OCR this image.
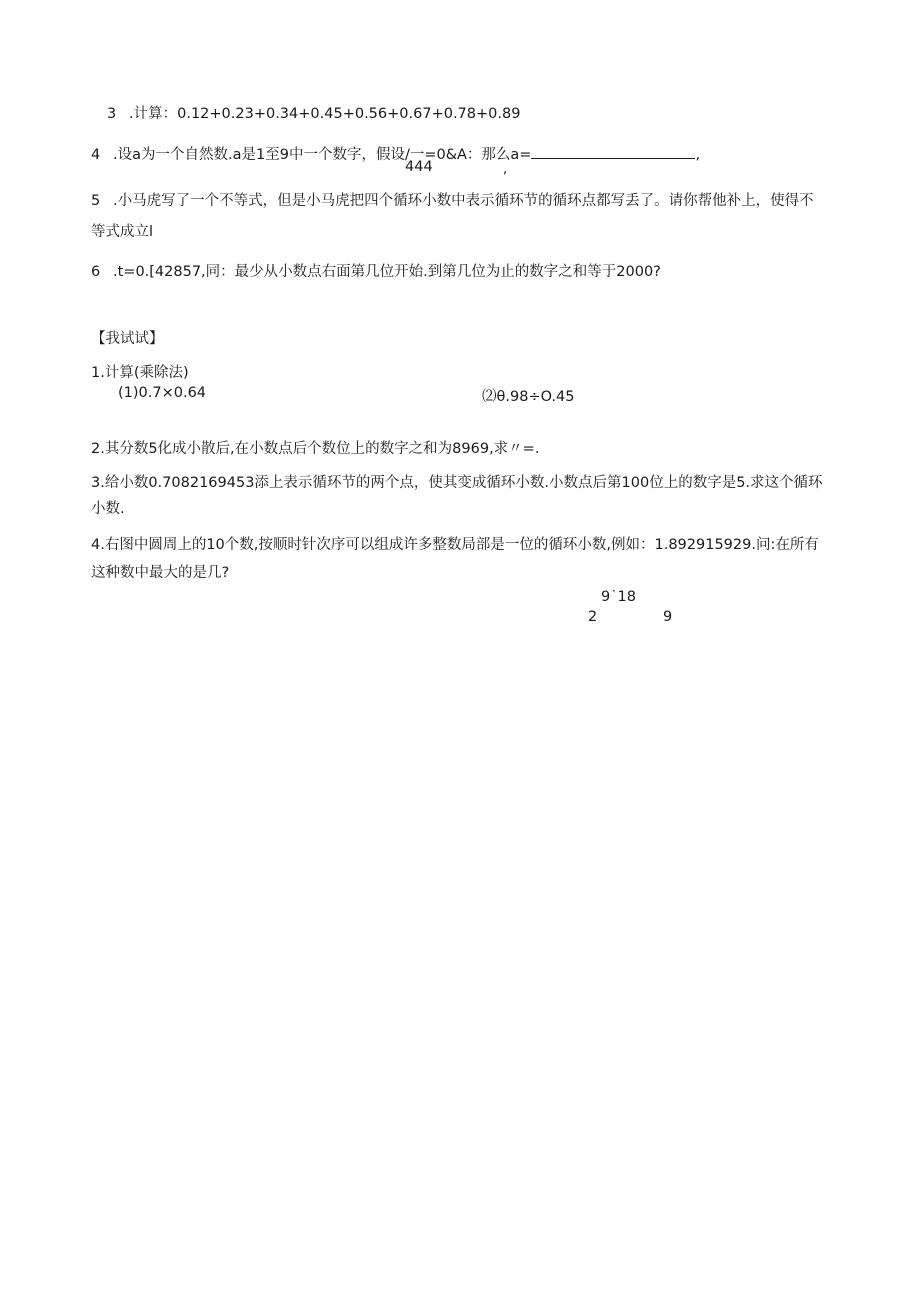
3 .计算：0.12+0.23+0.34+0.45+0.56+0.67+0.78+0.89
4 .设a为一个自然数.a是1至9中一个数字，假设/一=0&A：那么a=	,
444	,
5 .小马虎写了一个不等式，但是小马虎把四个循环小数中表示循环节的循环点都写丢了。请你帮他补上，使得不
等式成立l
6 .t=0.[42857,同：最少从小数点右面第几位开始.到第几位为止的数字之和等于2000?
【我试试】
1.计算(乘除法)
(1)0.7×0.64	⑵θ.98÷O.45
2.其分数5化成小散后,在小数点后个数位上的数字之和为8969,求〃=.
3.给小数0.7082169453添上表示循环节的两个点，使其变成循环小数.小数点后第100位上的数字是5.求这个循环
小数.
4.右图中圆周上的10个数,按顺时针次序可以组成许多整数局部是一位的循环小数,例如：1.892915929.问:在所有
这种数中最大的是几?
9˙18
2	9
